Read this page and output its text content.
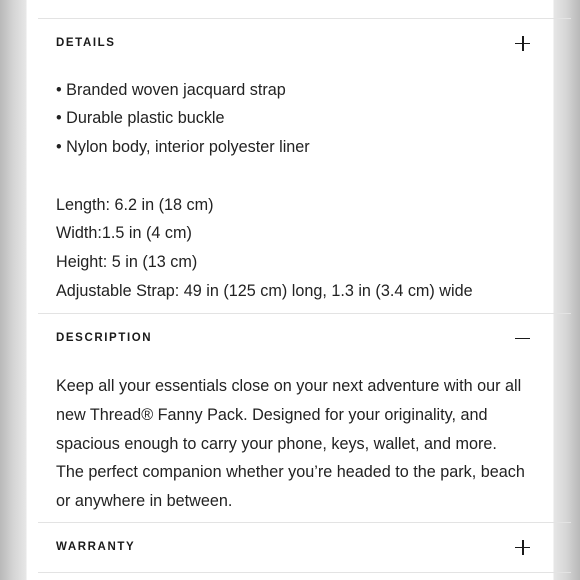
DETAILS
• Branded woven jacquard strap
• Durable plastic buckle
• Nylon body, interior polyester liner
Length: 6.2 in (18 cm)
Width:1.5 in (4 cm)
Height: 5 in (13 cm)
Adjustable Strap: 49 in (125 cm) long, 1.3 in (3.4 cm) wide
DESCRIPTION
Keep all your essentials close on your next adventure with our all new Thread® Fanny Pack. Designed for your originality, and spacious enough to carry your phone, keys, wallet, and more. The perfect companion whether you’re headed to the park, beach or anywhere in between.
WARRANTY
